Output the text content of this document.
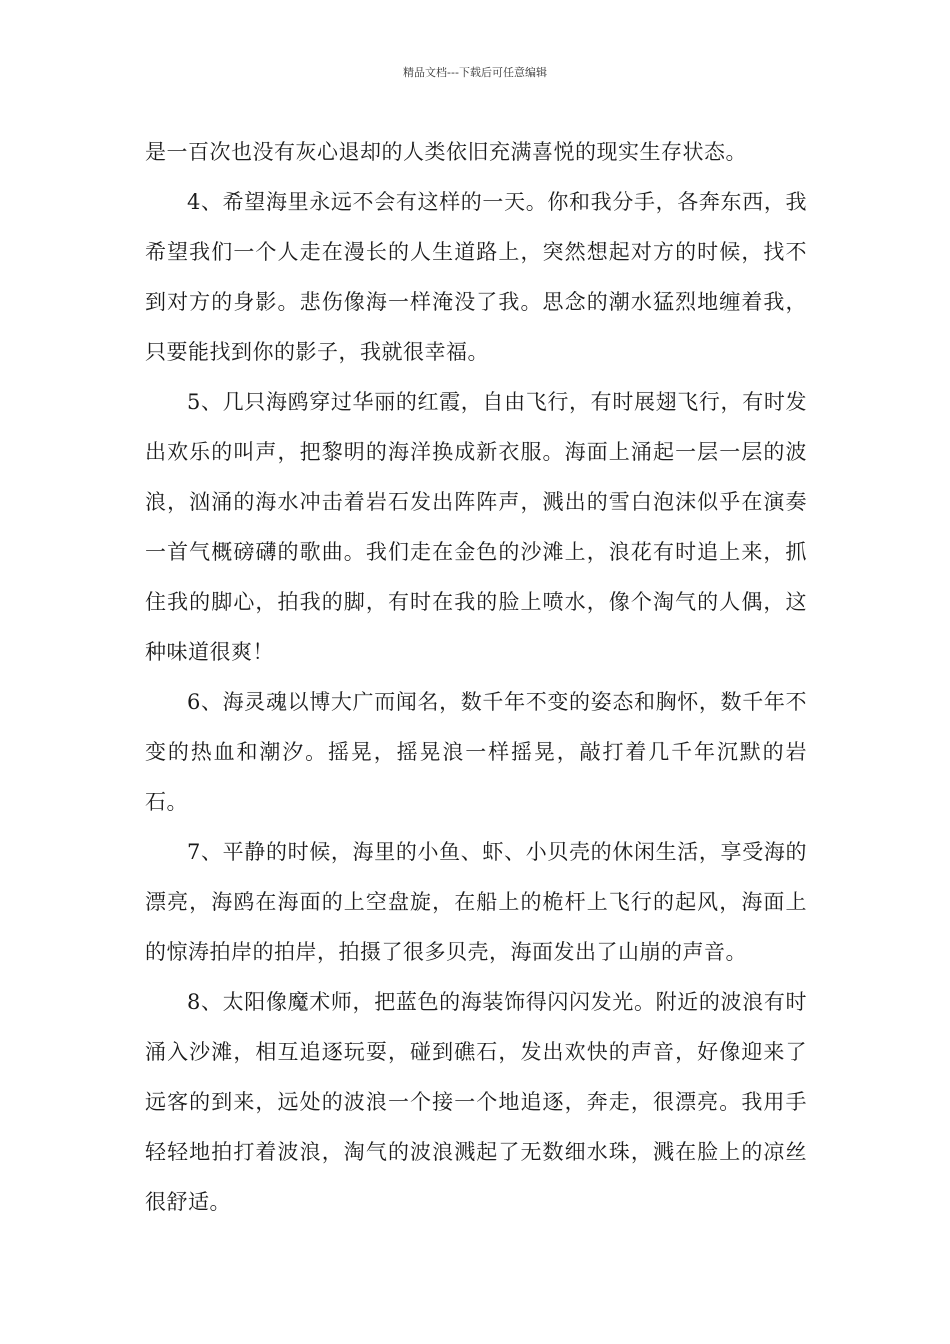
精品文档---下载后可任意编辑

是一百次也没有灰心退却的人类依旧充满喜悦的现实生存状态。

4、希望海里永远不会有这样的一天。你和我分手，各奔东西，我希望我们一个人走在漫长的人生道路上，突然想起对方的时候，找不到对方的身影。悲伤像海一样淹没了我。思念的潮水猛烈地缠着我，只要能找到你的影子，我就很幸福。

5、几只海鸥穿过华丽的红霞，自由飞行，有时展翅飞行，有时发出欢乐的叫声，把黎明的海洋换成新衣服。海面上涌起一层一层的波浪，汹涌的海水冲击着岩石发出阵阵声，溅出的雪白泡沫似乎在演奏一首气概磅礴的歌曲。我们走在金色的沙滩上，浪花有时追上来，抓住我的脚心，拍我的脚，有时在我的脸上喷水，像个淘气的人偶，这种味道很爽！

6、海灵魂以博大广而闻名，数千年不变的姿态和胸怀，数千年不变的热血和潮汐。摇晃，摇晃浪一样摇晃，敲打着几千年沉默的岩石。

7、平静的时候，海里的小鱼、虾、小贝壳的休闲生活，享受海的漂亮，海鸥在海面的上空盘旋，在船上的桅杆上飞行的起风，海面上的惊涛拍岸的拍岸，拍摄了很多贝壳，海面发出了山崩的声音。

8、太阳像魔术师，把蓝色的海装饰得闪闪发光。附近的波浪有时涌入沙滩，相互追逐玩耍，碰到礁石，发出欢快的声音，好像迎来了远客的到来，远处的波浪一个接一个地追逐，奔走，很漂亮。我用手轻轻地拍打着波浪，淘气的波浪溅起了无数细水珠，溅在脸上的凉丝很舒适。
